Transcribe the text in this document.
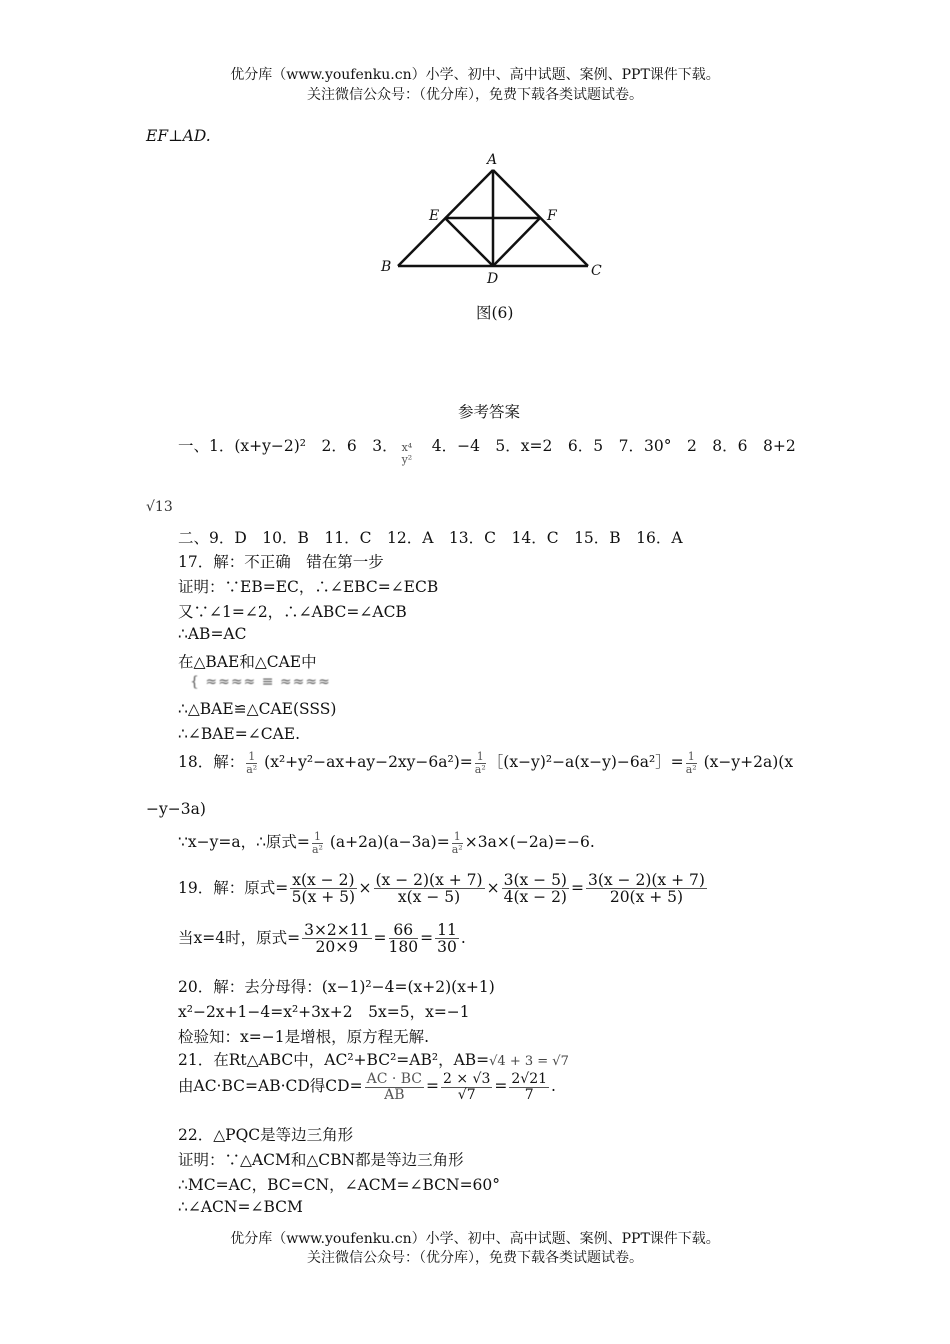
优分库（www.youfenku.cn）小学、初中、高中试题、案例、PPT课件下载。
关注微信公众号：（优分库），免费下载各类试题试卷。
EF⊥AD.
A
B	C
D
E	F
图(6)
参考答案
一、1．(x+y−2)²　2．6　3． x⁴
y²
　4．−4　5．x=2　6．5　7．30°　2　8．6　8+2
√13
二、9．D　10．B　11．C　12．A　13．C　14．C　15．B　16．A
17．解：不正确　错在第一步
证明：∵EB=EC，∴∠EBC=∠ECB
又∵∠1=∠2，∴∠ABC=∠ACB
∴AB=AC
在△BAE和△CAE中
{ ≈≈≈≈ ≡ ≈≈≈≈
∴△BAE≌△CAE(SSS)
∴∠BAE=∠CAE.
18．解： $\frac{1}{\text{a²}} (x^2+y^2-ax+ay-2xy-6a^2)= \frac{1}{\text{a²}}$ ［(x−y)²−a(x−y)−6a²］= $\frac{1}{\text{a²}} (x-y+2a)(x$
−y−3a)
∵x−y=a，∴原式= $\frac{1}{\text{a²}} (a+2a)(a-3a)= \frac{1}{\text{a²}} \times 3a\times(-2a)=-6$.
19．解：原式= $\frac{x(x - 2)}{5(x + 5)} \times \frac{(x - 2)(x + 7)}{x(x - 5)} \times \frac{3(x - 5)}{4(x - 2)} = \frac{3(x - 2)(x + 7)}{20(x + 5)}$
当x=4时，原式= $\frac{3\times 2\times 11}{20\times 9} = \frac{66}{180} = \frac{11}{30}$ .
20．解：去分母得：(x−1)²−4=(x+2)(x+1)
x²−2x+1−4=x²+3x+2　5x=5，x=−1
检验知：x=−1是增根，原方程无解.
21．在Rt△ABC中，AC²+BC²=AB²，AB=√4 + 3 = √7
由AC·BC=AB·CD得$CD= \frac{AC \cdot BC}{AB} = \frac{2 \times √3}{√7} = \frac{2√21}{7}$ .
22．△PQC是等边三角形
证明：∵△ACM和△CBN都是等边三角形
∴MC=AC，BC=CN，∠ACM=∠BCN=60°
∴∠ACN=∠BCM
优分库（www.youfenku.cn）小学、初中、高中试题、案例、PPT课件下载。
关注微信公众号：（优分库），免费下载各类试题试卷。
